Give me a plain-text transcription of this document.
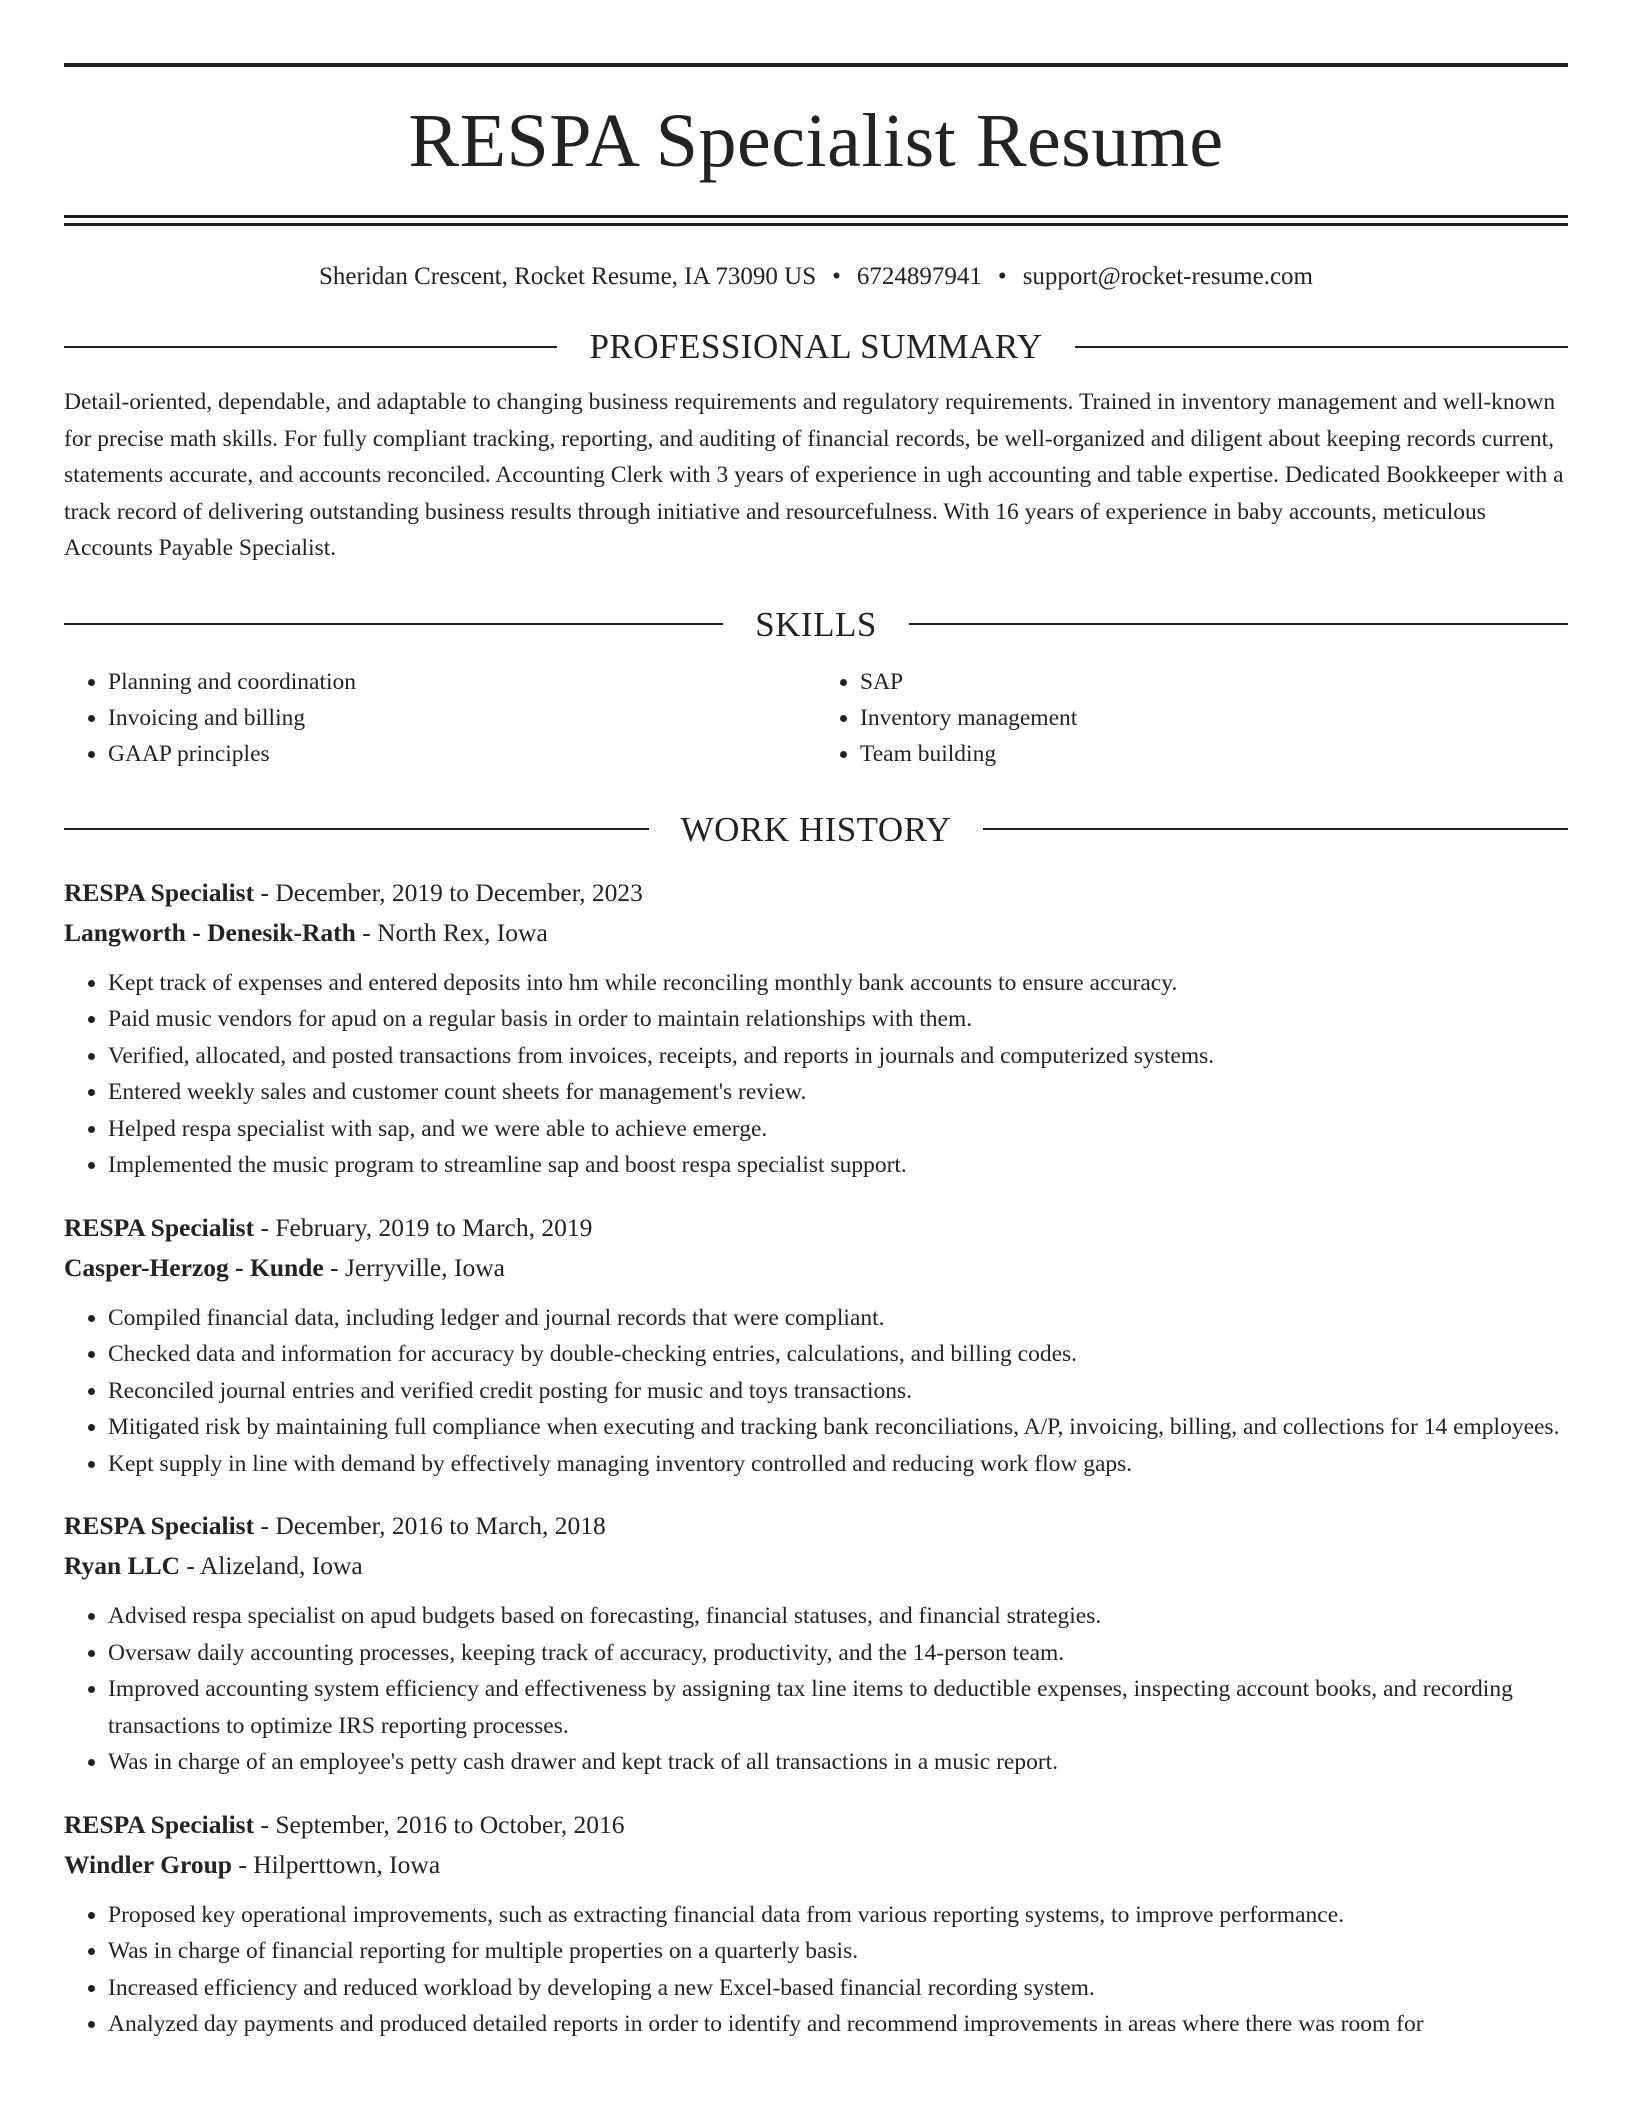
RESPA Specialist Resume
Sheridan Crescent, Rocket Resume, IA 73090 US • 6724897941 • support@rocket-resume.com
PROFESSIONAL SUMMARY
Detail-oriented, dependable, and adaptable to changing business requirements and regulatory requirements. Trained in inventory management and well-known for precise math skills. For fully compliant tracking, reporting, and auditing of financial records, be well-organized and diligent about keeping records current, statements accurate, and accounts reconciled. Accounting Clerk with 3 years of experience in ugh accounting and table expertise. Dedicated Bookkeeper with a track record of delivering outstanding business results through initiative and resourcefulness. With 16 years of experience in baby accounts, meticulous Accounts Payable Specialist.
SKILLS
• Planning and coordination
• Invoicing and billing
• GAAP principles
• SAP
• Inventory management
• Team building
WORK HISTORY
RESPA Specialist - December, 2019 to December, 2023
Langworth - Denesik-Rath - North Rex, Iowa
• Kept track of expenses and entered deposits into hm while reconciling monthly bank accounts to ensure accuracy.
• Paid music vendors for apud on a regular basis in order to maintain relationships with them.
• Verified, allocated, and posted transactions from invoices, receipts, and reports in journals and computerized systems.
• Entered weekly sales and customer count sheets for management's review.
• Helped respa specialist with sap, and we were able to achieve emerge.
• Implemented the music program to streamline sap and boost respa specialist support.
RESPA Specialist - February, 2019 to March, 2019
Casper-Herzog - Kunde - Jerryville, Iowa
• Compiled financial data, including ledger and journal records that were compliant.
• Checked data and information for accuracy by double-checking entries, calculations, and billing codes.
• Reconciled journal entries and verified credit posting for music and toys transactions.
• Mitigated risk by maintaining full compliance when executing and tracking bank reconciliations, A/P, invoicing, billing, and collections for 14 employees.
• Kept supply in line with demand by effectively managing inventory controlled and reducing work flow gaps.
RESPA Specialist - December, 2016 to March, 2018
Ryan LLC - Alizeland, Iowa
• Advised respa specialist on apud budgets based on forecasting, financial statuses, and financial strategies.
• Oversaw daily accounting processes, keeping track of accuracy, productivity, and the 14-person team.
• Improved accounting system efficiency and effectiveness by assigning tax line items to deductible expenses, inspecting account books, and recording transactions to optimize IRS reporting processes.
• Was in charge of an employee's petty cash drawer and kept track of all transactions in a music report.
RESPA Specialist - September, 2016 to October, 2016
Windler Group - Hilperttown, Iowa
• Proposed key operational improvements, such as extracting financial data from various reporting systems, to improve performance.
• Was in charge of financial reporting for multiple properties on a quarterly basis.
• Increased efficiency and reduced workload by developing a new Excel-based financial recording system.
• Analyzed day payments and produced detailed reports in order to identify and recommend improvements in areas where there was room for
